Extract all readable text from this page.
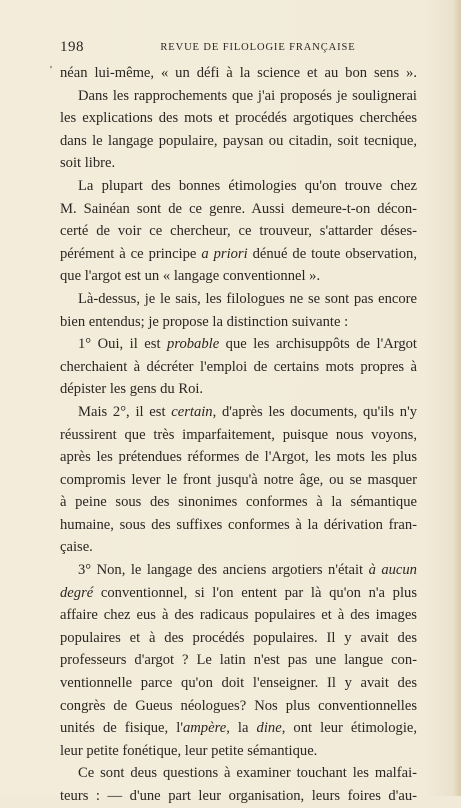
198	REVUE DE FILOLOGIE FRANÇAISE
' néan lui-même, « un défi à la science et au bon sens ».
Dans les rapprochements que j'ai proposés je soulignerai
les explications des mots et procédés argotiques cherchées
dans le langage populaire, paysan ou citadin, soit tecnique,
soit libre.
La plupart des bonnes étimologies qu'on trouve chez
M. Sainéan sont de ce genre. Aussi demeure-t-on décon-
certé de voir ce chercheur, ce trouveur, s'attarder déses-
pérément à ce principe a priori dénué de toute observation,
que l'argot est un « langage conventionnel ».
Là-dessus, je le sais, les filologues ne se sont pas encore
bien entendus; je propose la distinction suivante :
1° Oui, il est probable que les archisuppôts de l'Argot
cherchaient à décréter l'emploi de certains mots propres à
dépister les gens du Roi.
Mais 2°, il est certain, d'après les documents, qu'ils n'y
réussirent que très imparfaitement, puisque nous voyons,
après les prétendues réformes de l'Argot, les mots les plus
compromis lever le front jusqu'à notre âge, ou se masquer
à peine sous des sinonimes conformes à la sémantique
humaine, sous des suffixes conformes à la dérivation fran-
çaise.
3° Non, le langage des anciens argotiers n'était à aucun
degré conventionnel, si l'on entent par là qu'on n'a plus
affaire chez eus à des radicaus populaires et à des images
populaires et à des procédés populaires. Il y avait des
professeurs d'argot ? Le latin n'est pas une langue con-
ventionnelle parce qu'on doit l'enseigner. Il y avait des
congrès de Gueus néologues? Nos plus conventionnelles
unités de fisique, l'ampère, la dine, ont leur étimologie,
leur petite fonétique, leur petite sémantique.
Ce sont deus questions à examiner touchant les malfai-
teurs : — d'une part leur organisation, leurs foires d'au-
